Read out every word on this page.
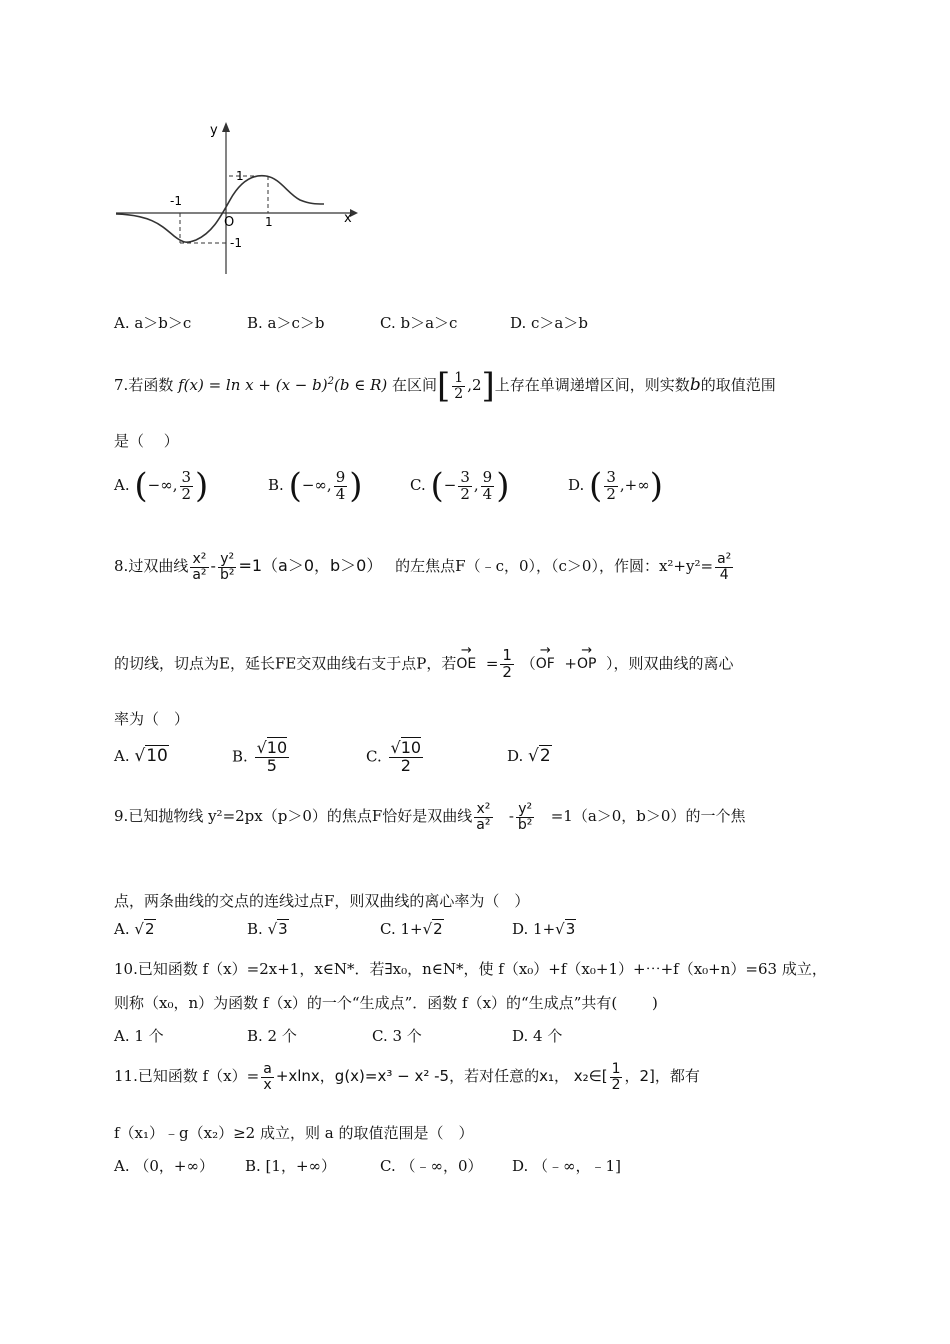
y
x
O
-1
1
1
-1
A. a＞b＞c	B. a＞c＞b	C. b＞a＞c	D. c＞a＞b
7.若函数 $f(x) = \ln x + (x - b)^2(b$ ∈ R) 在区间[ $\frac{1}{2} ,2$]上存在单调递增区间，则实数b的取值范围
是（　 ）
A. (−∞, $\frac{3}{2}$ )	B. (−∞, $\frac{9}{4}$ )	C. (− $\frac{3}{2}$ , $\frac{9}{4}$ )	D. ( $\frac{3}{2}$ ,+∞)
8.过双曲线 $\frac{\text{x²}}{\text{a²}} - \frac{\text{y²}}{\text{b²}} =1(a>0$，b＞0） 的左焦点F（﹣c，0），（c＞0），作圆：$x^2+y^2= \frac{\text{a²}}{4}$
的切线，切点为E，延长FE交双曲线右支于点P，若→ OE = $\frac{1}{2}$ （→ OF +→ OP ），则双曲线的离心
率为（　）
A. √10	B. $\frac{√10}{5}$	C. $\frac{√10}{2}$	D. √2
9.已知抛物线 y²=2px（p＞0）的焦点F恰好是双曲线 $\frac{\text{x²}}{\text{a²}} - \frac{\text{y²}}{\text{b²}} =1(a>0$，b＞0）的一个焦
点，两条曲线的交点的连线过点F，则双曲线的离心率为（　）
A. √2	B. √3	C. 1+√2	D. 1+√3
10.已知函数 f（x）=2x+1，x∈N*．若∃x₀，n∈N*，使 f（x₀）+f（x₀+1）+⋯+f（x₀+n）=63 成立，
则称（x₀，n）为函数 f（x）的一个“生成点”．函数 f（x）的“生成点”共有(　　 )
A. 1 个	B. 2 个	C. 3 个	D. 4 个
11.已知函数 $f(x)= \frac{a}{x} +xlnx$，g(x)=x³ − x² -5，若对任意的x₁， x₂∈[ $\frac{1}{2}$ ，2]，都有
f（x₁）﹣g（x₂）≥2 成立，则 a 的取值范围是（　）
A. （0，+∞） B. [1，+∞）	C. （﹣∞，0） D. （﹣∞，﹣1]
